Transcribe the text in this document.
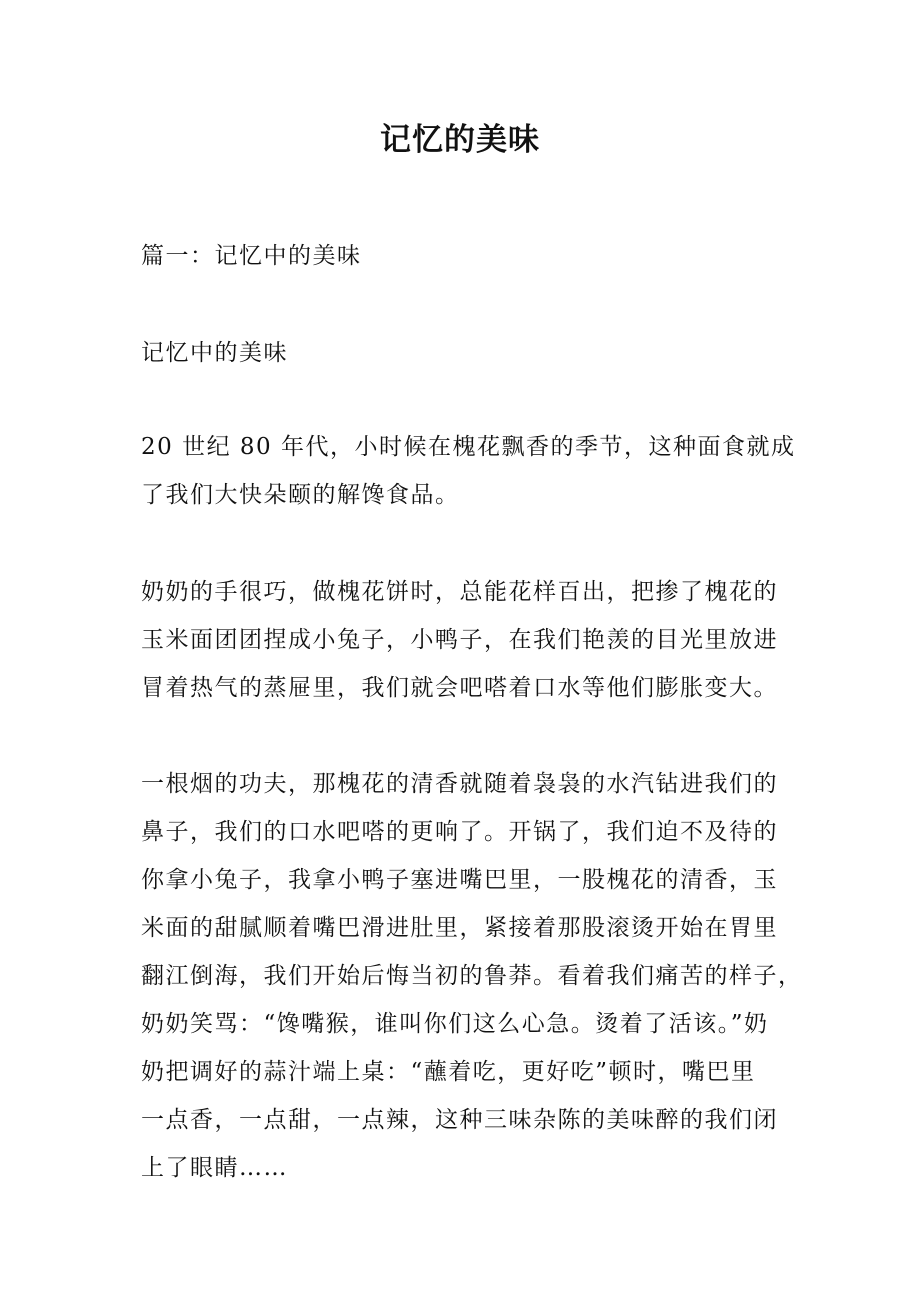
记忆的美味
篇一：记忆中的美味
记忆中的美味
20 世纪 80 年代，小时候在槐花飘香的季节，这种面食就成
了我们大快朵颐的解馋食品。
奶奶的手很巧，做槐花饼时，总能花样百出，把掺了槐花的
玉米面团团捏成小兔子，小鸭子，在我们艳羡的目光里放进
冒着热气的蒸屉里，我们就会吧嗒着口水等他们膨胀变大。
一根烟的功夫，那槐花的清香就随着袅袅的水汽钻进我们的
鼻子，我们的口水吧嗒的更响了。开锅了，我们迫不及待的
你拿小兔子，我拿小鸭子塞进嘴巴里，一股槐花的清香，玉
米面的甜腻顺着嘴巴滑进肚里，紧接着那股滚烫开始在胃里
翻江倒海，我们开始后悔当初的鲁莽。看着我们痛苦的样子，
奶奶笑骂：“馋嘴猴，谁叫你们这么心急。烫着了活该。”奶
奶把调好的蒜汁端上桌：“蘸着吃，更好吃”顿时，嘴巴里
一点香，一点甜，一点辣，这种三味杂陈的美味醉的我们闭
上了眼睛……
